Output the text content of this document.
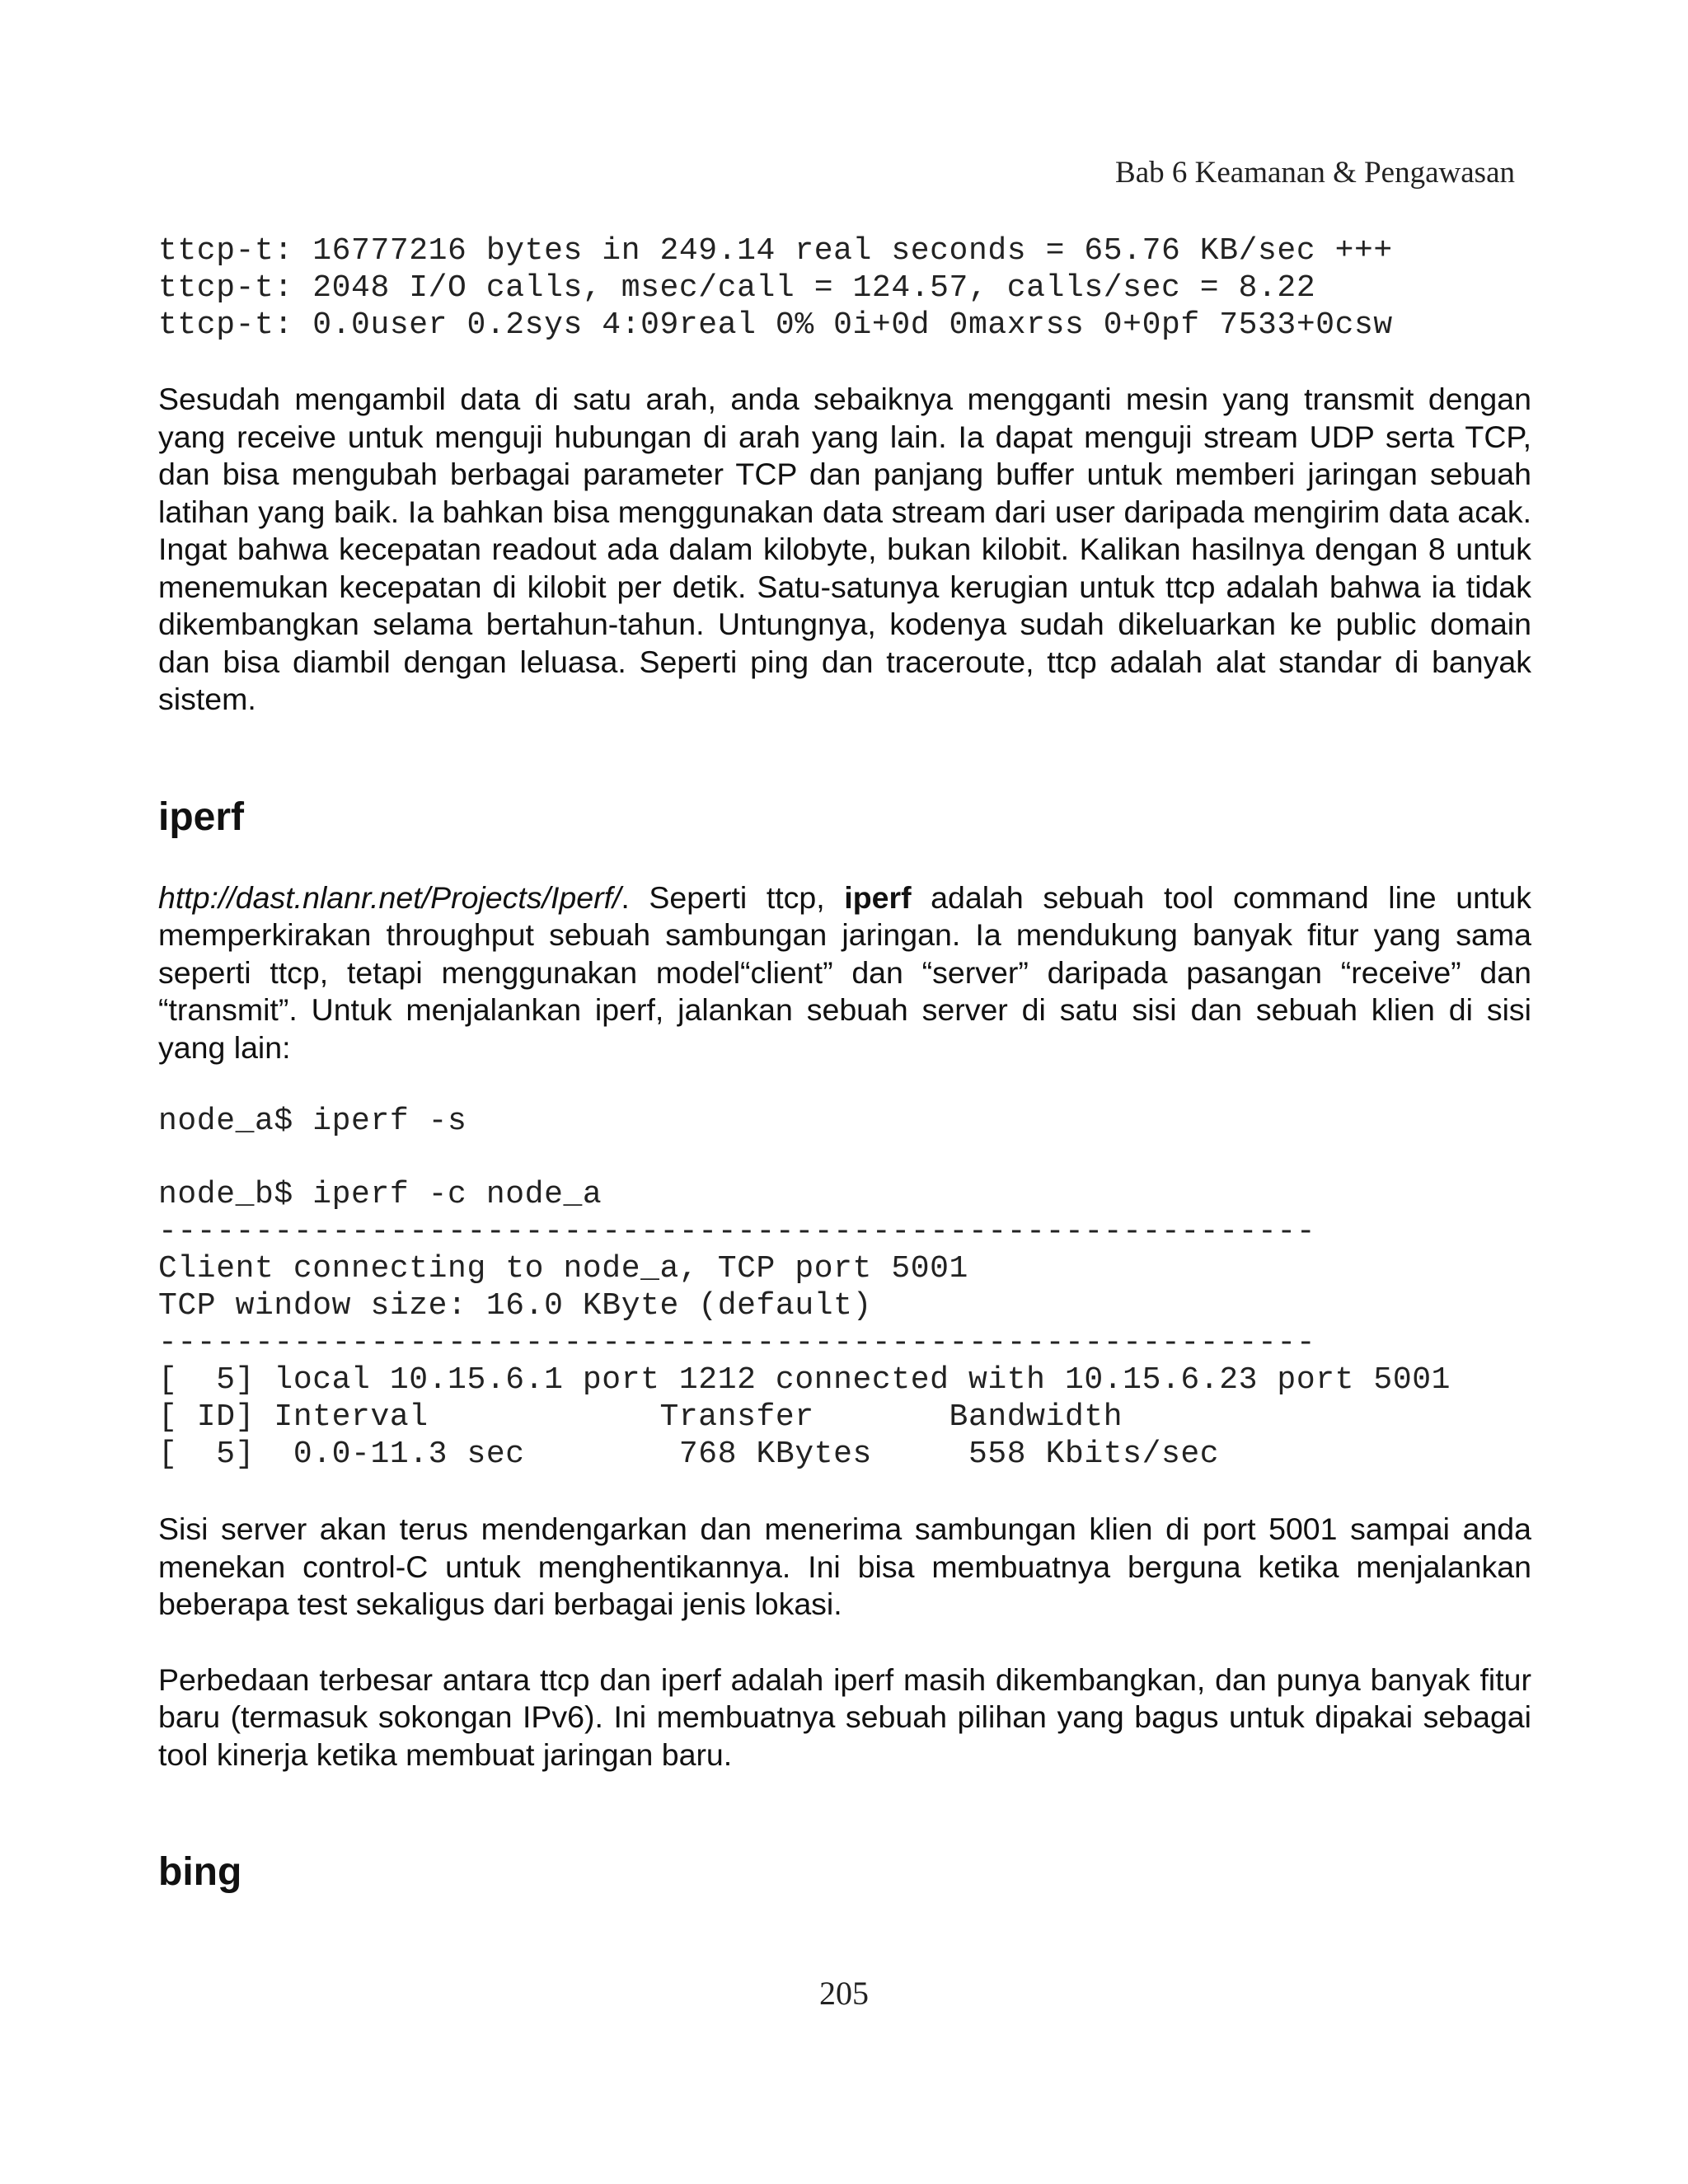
Bab 6 Keamanan & Pengawasan
ttcp-t: 16777216 bytes in 249.14 real seconds = 65.76 KB/sec +++
ttcp-t: 2048 I/O calls, msec/call = 124.57, calls/sec = 8.22
ttcp-t: 0.0user 0.2sys 4:09real 0% 0i+0d 0maxrss 0+0pf 7533+0csw

Sesudah mengambil data di satu arah, anda sebaiknya mengganti mesin yang transmit dengan yang receive untuk menguji hubungan di arah yang lain. Ia dapat menguji stream UDP serta TCP, dan bisa mengubah berbagai parameter TCP dan panjang buffer untuk memberi jaringan sebuah latihan yang baik. Ia bahkan bisa menggunakan data stream dari user daripada mengirim data acak. Ingat bahwa kecepatan readout ada dalam kilobyte, bukan kilobit. Kalikan hasilnya dengan 8 untuk menemukan kecepatan di kilobit per detik. Satu-satunya kerugian untuk ttcp adalah bahwa ia tidak dikembangkan selama bertahun-tahun. Untungnya, kodenya sudah dikeluarkan ke public domain dan bisa diambil dengan leluasa. Seperti ping dan traceroute, ttcp adalah alat standar di banyak sistem.

iperf

http://dast.nlanr.net/Projects/Iperf/. Seperti ttcp, iperf adalah sebuah tool command line untuk memperkirakan throughput sebuah sambungan jaringan. Ia mendukung banyak fitur yang sama seperti ttcp, tetapi menggunakan model“client” dan “server” daripada pasangan “receive” dan “transmit”. Untuk menjalankan iperf, jalankan sebuah server di satu sisi dan sebuah klien di sisi yang lain:

node_a$ iperf -s
node_b$ iperf -c node_a
------------------------------------------------------------
Client connecting to node_a, TCP port 5001
TCP window size: 16.0 KByte (default)
------------------------------------------------------------
[  5] local 10.15.6.1 port 1212 connected with 10.15.6.23 port 5001
[ ID] Interval            Transfer       Bandwidth
[  5]  0.0-11.3 sec        768 KBytes     558 Kbits/sec

Sisi server akan terus mendengarkan dan menerima sambungan klien di port 5001 sampai anda menekan control-C untuk menghentikannya. Ini bisa membuatnya berguna ketika menjalankan beberapa test sekaligus dari berbagai jenis lokasi.

Perbedaan terbesar antara ttcp dan iperf adalah iperf masih dikembangkan, dan punya banyak fitur baru (termasuk sokongan IPv6). Ini membuatnya sebuah pilihan yang bagus untuk dipakai sebagai tool kinerja ketika membuat jaringan baru.

bing
205
